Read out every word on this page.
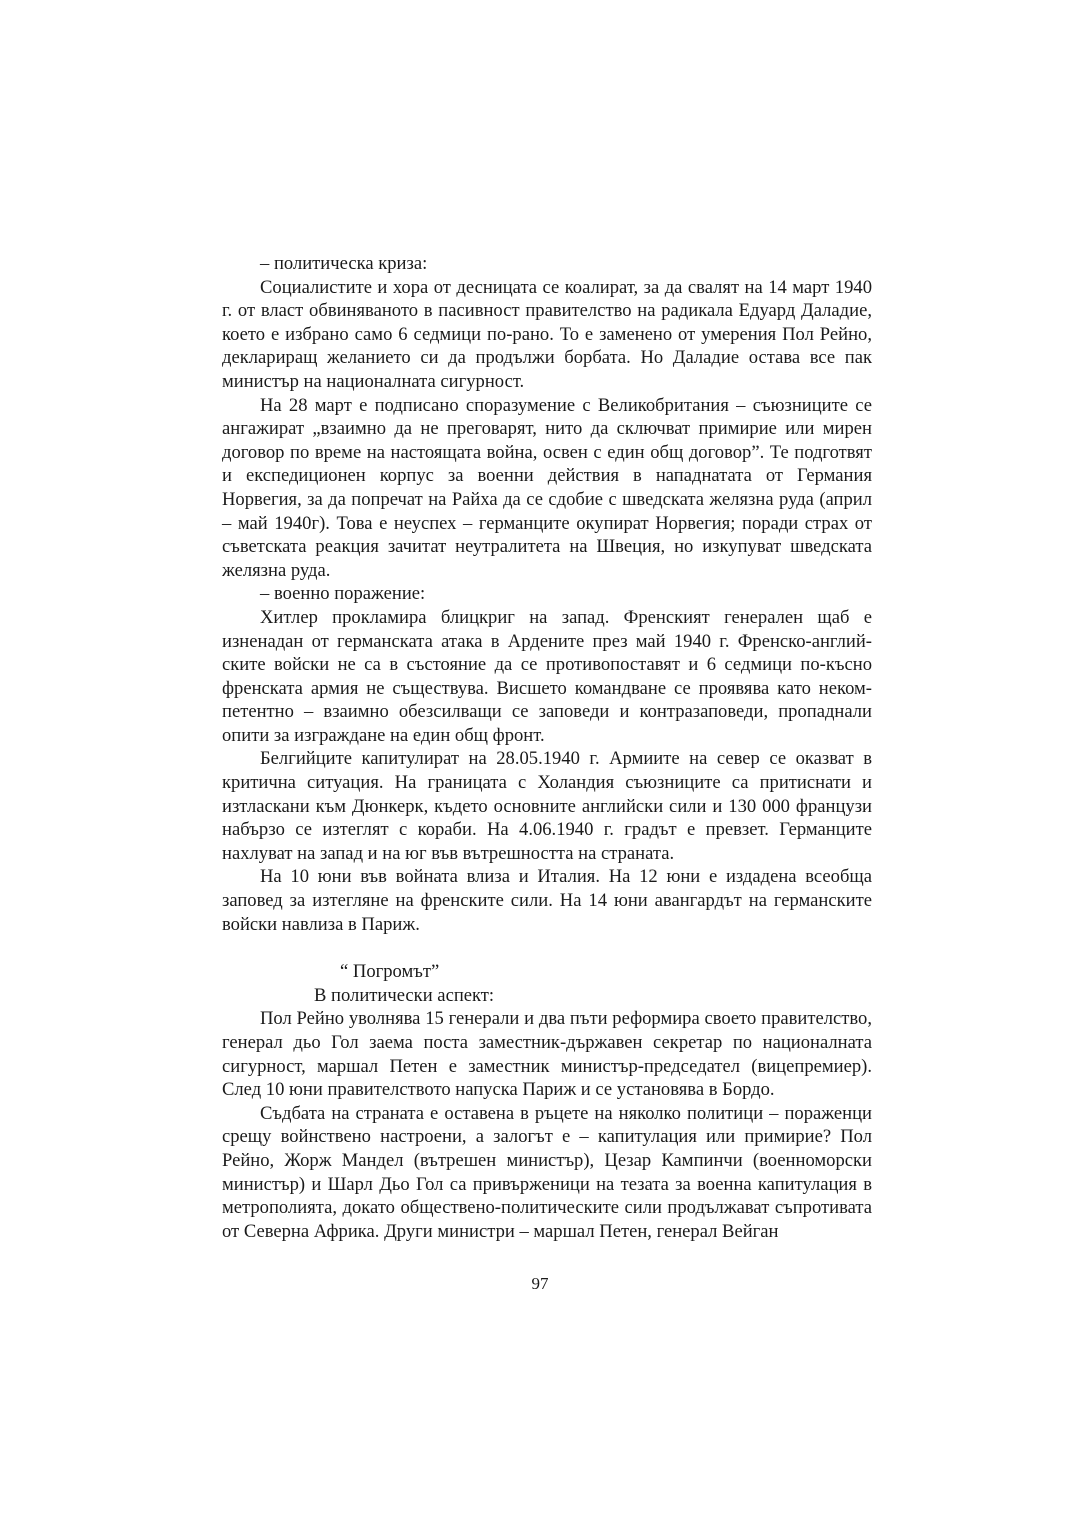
– политическа криза:

Социалистите и хора от десницата се коалират, за да свалят на 14 март 1940 г. от власт обвиняваното в пасивност правителство на радикала Едуард Даладие, което е избрано само 6 седмици по-рано. То е заменено от умерения Пол Рейно, деклариращ желанието си да продължи борбата. Но Даладие остава все пак министър на националната сигурност.

На 28 март е подписано споразумение с Великобритания – съюзниците се ангажират „взаимно да не преговарят, нито да сключват примирие или мирен договор по време на настоящата война, освен с един общ договор”. Те подготвят и експедиционен корпус за военни действия в нападнатата от Германия Норвегия, за да попречат на Райха да се сдобие с шведската желязна руда (април – май 1940г). Това е неуспех – германците окупират Норвегия; поради страх от съветската реакция зачитат неутралитета на Швеция, но изкупуват шведската желязна руда.

– военно поражение:

Хитлер прокламира блицкриг на запад. Френският генерален щаб е изненадан от германската атака в Ардените през май 1940 г. Френско-английските войски не са в състояние да се противопоставят и 6 седмици по-късно френската армия не съществува. Висшето командване се проявява като некомпетентно – взаимно обезсилващи се заповеди и контразаповеди, пропаднали опити за изграждане на един общ фронт.

Белгийците капитулират на 28.05.1940 г. Армиите на север се оказват в критична ситуация. На границата с Холандия съюзниците са притиснати и изтласкани към Дюнкерк, където основните английски сили и 130 000 французи набързо се изтеглят с кораби. На 4.06.1940 г. градът е превзет. Германците нахлуват на запад и на юг във вътрешността на страната.

На 10 юни във войната влиза и Италия. На 12 юни е издадена всеобща заповед за изтегляне на френските сили. На 14 юни авангардът на германските войски навлиза в Париж.

“ Погромът”

В политически аспект:

Пол Рейно уволнява 15 генерали и два пъти реформира своето правителство, генерал дьо Гол заема поста заместник-държавен секретар по националната сигурност, маршал Петен е заместник министър-председател (вицепремиер). След 10 юни правителството напуска Париж и се установява в Бордо.

Съдбата на страната е оставена в ръцете на няколко политици – пораженци срещу войнствено настроени, а залогът е – капитулация или примирие? Пол Рейно, Жорж Мандел (вътрешен министър), Цезар Кампинчи (военноморски министър) и Шарл Дьо Гол са привърженици на тезата за военна капитулация в метрополията, докато обществено-политическите сили продължават съпротивата от Северна Африка. Други министри – маршал Петен, генерал Вейган

97
